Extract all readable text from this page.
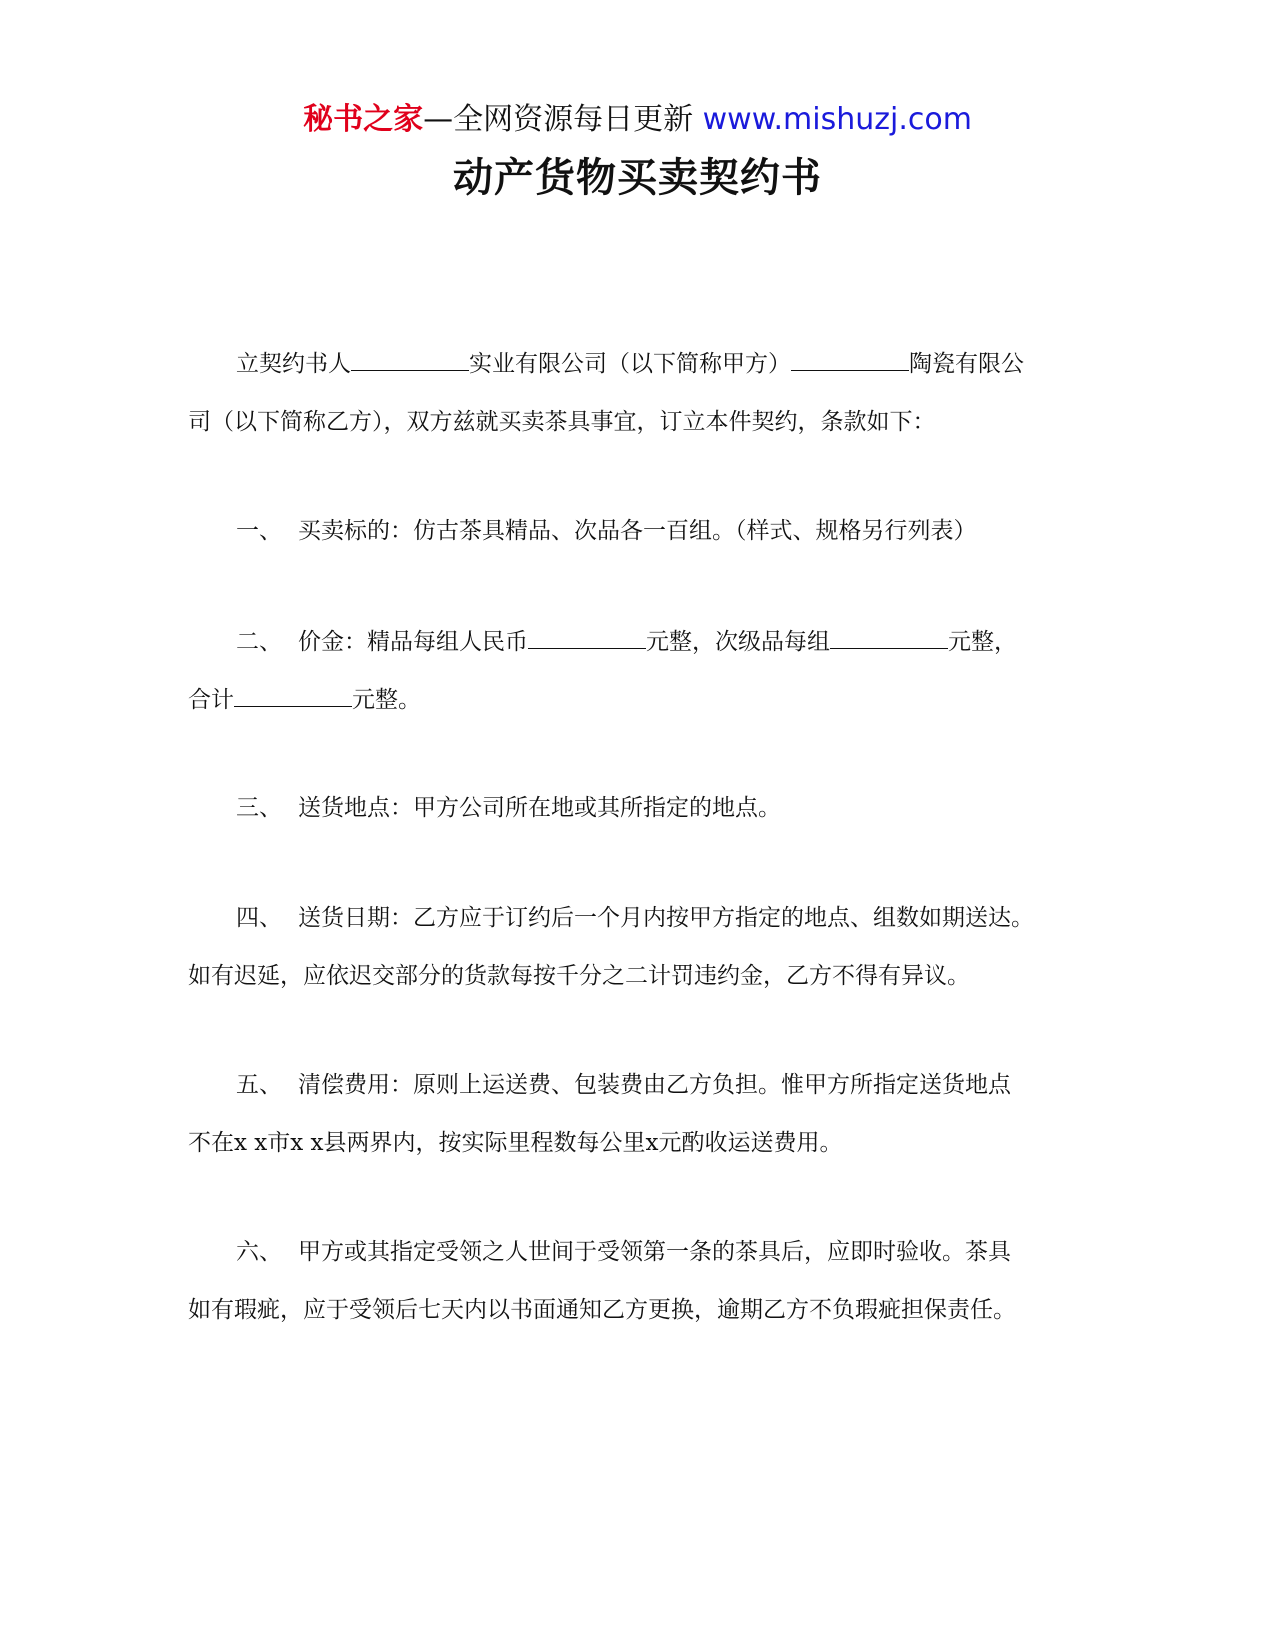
秘书之家—全网资源每日更新 www.mishuzj.com
动产货物买卖契约书
立契约书人	实业有限公司（以下简称甲方）	陶瓷有限公
司（以下简称乙方），双方兹就买卖茶具事宜，订立本件契约，条款如下：
一、 买卖标的：仿古茶具精品、次品各一百组。（样式、规格另行列表）
二、 价金：精品每组人民币	元整，次级品每组	元整，
合计	元整。
三、 送货地点：甲方公司所在地或其所指定的地点。
四、 送货日期：乙方应于订约后一个月内按甲方指定的地点、组数如期送达。
如有迟延，应依迟交部分的货款每按千分之二计罚违约金，乙方不得有异议。
五、 清偿费用：原则上运送费、包装费由乙方负担。惟甲方所指定送货地点
不在x x市x x县两界内，按实际里程数每公里x元酌收运送费用。
六、 甲方或其指定受领之人世间于受领第一条的茶具后，应即时验收。茶具
如有瑕疵，应于受领后七天内以书面通知乙方更换，逾期乙方不负瑕疵担保责任。
